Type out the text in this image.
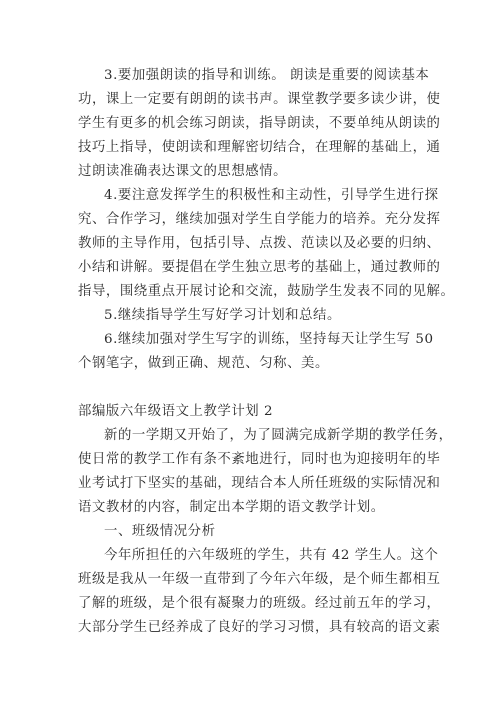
3.要加强朗读的指导和训练。 朗读是重要的阅读基本
功，课上一定要有朗朗的读书声。课堂教学要多读少讲，使
学生有更多的机会练习朗读，指导朗读，不要单纯从朗读的
技巧上指导，使朗读和理解密切结合，在理解的基础上，通
过朗读准确表达课文的思想感情。
4.要注意发挥学生的积极性和主动性，引导学生进行探
究、合作学习，继续加强对学生自学能力的培养。充分发挥
教师的主导作用，包括引导、点拨、范读以及必要的归纳、
小结和讲解。要提倡在学生独立思考的基础上，通过教师的
指导，围绕重点开展讨论和交流，鼓励学生发表不同的见解。
5.继续指导学生写好学习计划和总结。
6.继续加强对学生写字的训练，坚持每天让学生写 50
个钢笔字，做到正确、规范、匀称、美。
部编版六年级语文上教学计划 2
新的一学期又开始了，为了圆满完成新学期的教学任务，
使日常的教学工作有条不紊地进行，同时也为迎接明年的毕
业考试打下坚实的基础，现结合本人所任班级的实际情况和
语文教材的内容，制定出本学期的语文教学计划。
一、班级情况分析
今年所担任的六年级班的学生，共有 42 学生人。这个
班级是我从一年级一直带到了今年六年级，是个师生都相互
了解的班级，是个很有凝聚力的班级。经过前五年的学习，
大部分学生已经养成了良好的学习习惯，具有较高的语文素
